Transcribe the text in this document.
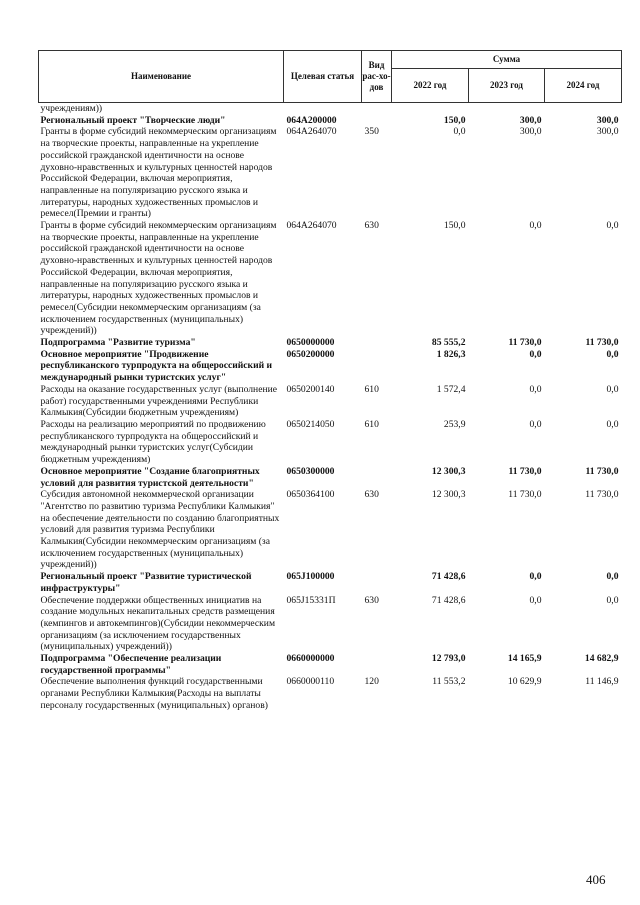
Наименование	Целевая статья	Вид рас-хо-дов	Сумма		
			2022 год	2023 год	2024 год
учреждениям))					
Региональный проект "Творческие люди"	064A200000		150,0	300,0	300,0
Гранты в форме субсидий некоммерческим организациям на творческие проекты, направленные на укрепление российской гражданской идентичности на основе духовно-нравственных и культурных ценностей народов Российской Федерации, включая мероприятия, направленные на популяризацию русского языка и литературы, народных художественных промыслов и ремесел(Премии и гранты)	064A264070	350	0,0	300,0	300,0
Гранты в форме субсидий некоммерческим организациям на творческие проекты, направленные на укрепление российской гражданской идентичности на основе духовно-нравственных и культурных ценностей народов Российской Федерации, включая мероприятия, направленные на популяризацию русского языка и литературы, народных художественных промыслов и ремесел(Субсидии некоммерческим организациям (за исключением государственных (муниципальных) учреждений))	064A264070	630	150,0	0,0	0,0
Подпрограмма "Развитие туризма"	0650000000		85 555,2	11 730,0	11 730,0
Основное мероприятие "Продвижение республиканского турпродукта на общероссийский и международный рынки туристских услуг"	0650200000		1 826,3	0,0	0,0
Расходы на оказание государственных услуг (выполнение работ) государственными учреждениями Республики Калмыкия(Субсидии бюджетным учреждениям)	0650200140	610	1 572,4	0,0	0,0
Расходы на реализацию мероприятий по продвижению республиканского турпродукта на общероссийский и международный рынки туристских услуг(Субсидии бюджетным учреждениям)	0650214050	610	253,9	0,0	0,0
Основное мероприятие "Создание благоприятных условий для развития туристской деятельности"	0650300000		12 300,3	11 730,0	11 730,0
Субсидия автономной некоммерческой организации "Агентство по развитию туризма Республики Калмыкия" на обеспечение деятельности по созданию благоприятных условий для развития туризма Республики Калмыкия(Субсидии некоммерческим организациям (за исключением государственных (муниципальных) учреждений))	0650364100	630	12 300,3	11 730,0	11 730,0
Региональный проект "Развитие туристической инфраструктуры"	065J100000		71 428,6	0,0	0,0
Обеспечение поддержки общественных инициатив на создание модульных некапитальных средств размещения (кемпингов и автокемпингов)(Субсидии некоммерческим организациям (за исключением государственных (муниципальных) учреждений))	065J15331П	630	71 428,6	0,0	0,0
Подпрограмма "Обеспечение реализации государственной программы"	0660000000		12 793,0	14 165,9	14 682,9
Обеспечение выполнения функций государственными органами Республики Калмыкия(Расходы на выплаты персоналу государственных (муниципальных) органов)	0660000110	120	11 553,2	10 629,9	11 146,9
406
